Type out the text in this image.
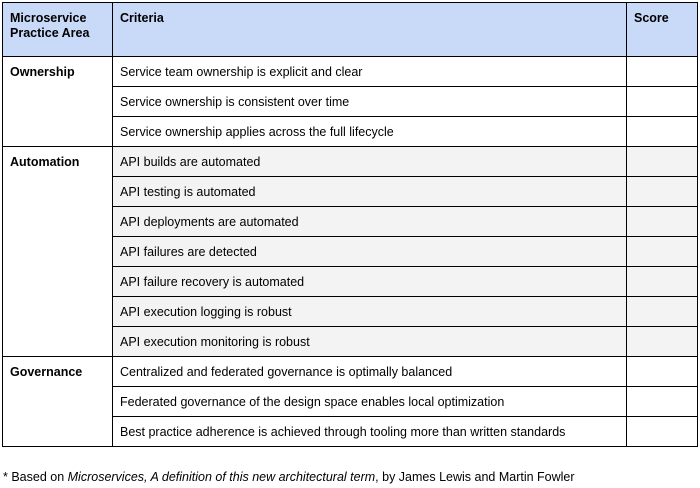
Microservice Practice Area	Criteria	Score
Ownership	Service team ownership is explicit and clear	
	Service ownership is consistent over time	
	Service ownership applies across the full lifecycle	
Automation	API builds are automated	
	API testing is automated	
	API deployments are automated	
	API failures are detected	
	API failure recovery is automated	
	API execution logging is robust	
	API execution monitoring is robust	
Governance	Centralized and federated governance is optimally balanced	
	Federated governance of the design space enables local optimization	
	Best practice adherence is achieved through tooling more than written standards	
* Based on Microservices, A definition of this new architectural term, by James Lewis and Martin Fowler
